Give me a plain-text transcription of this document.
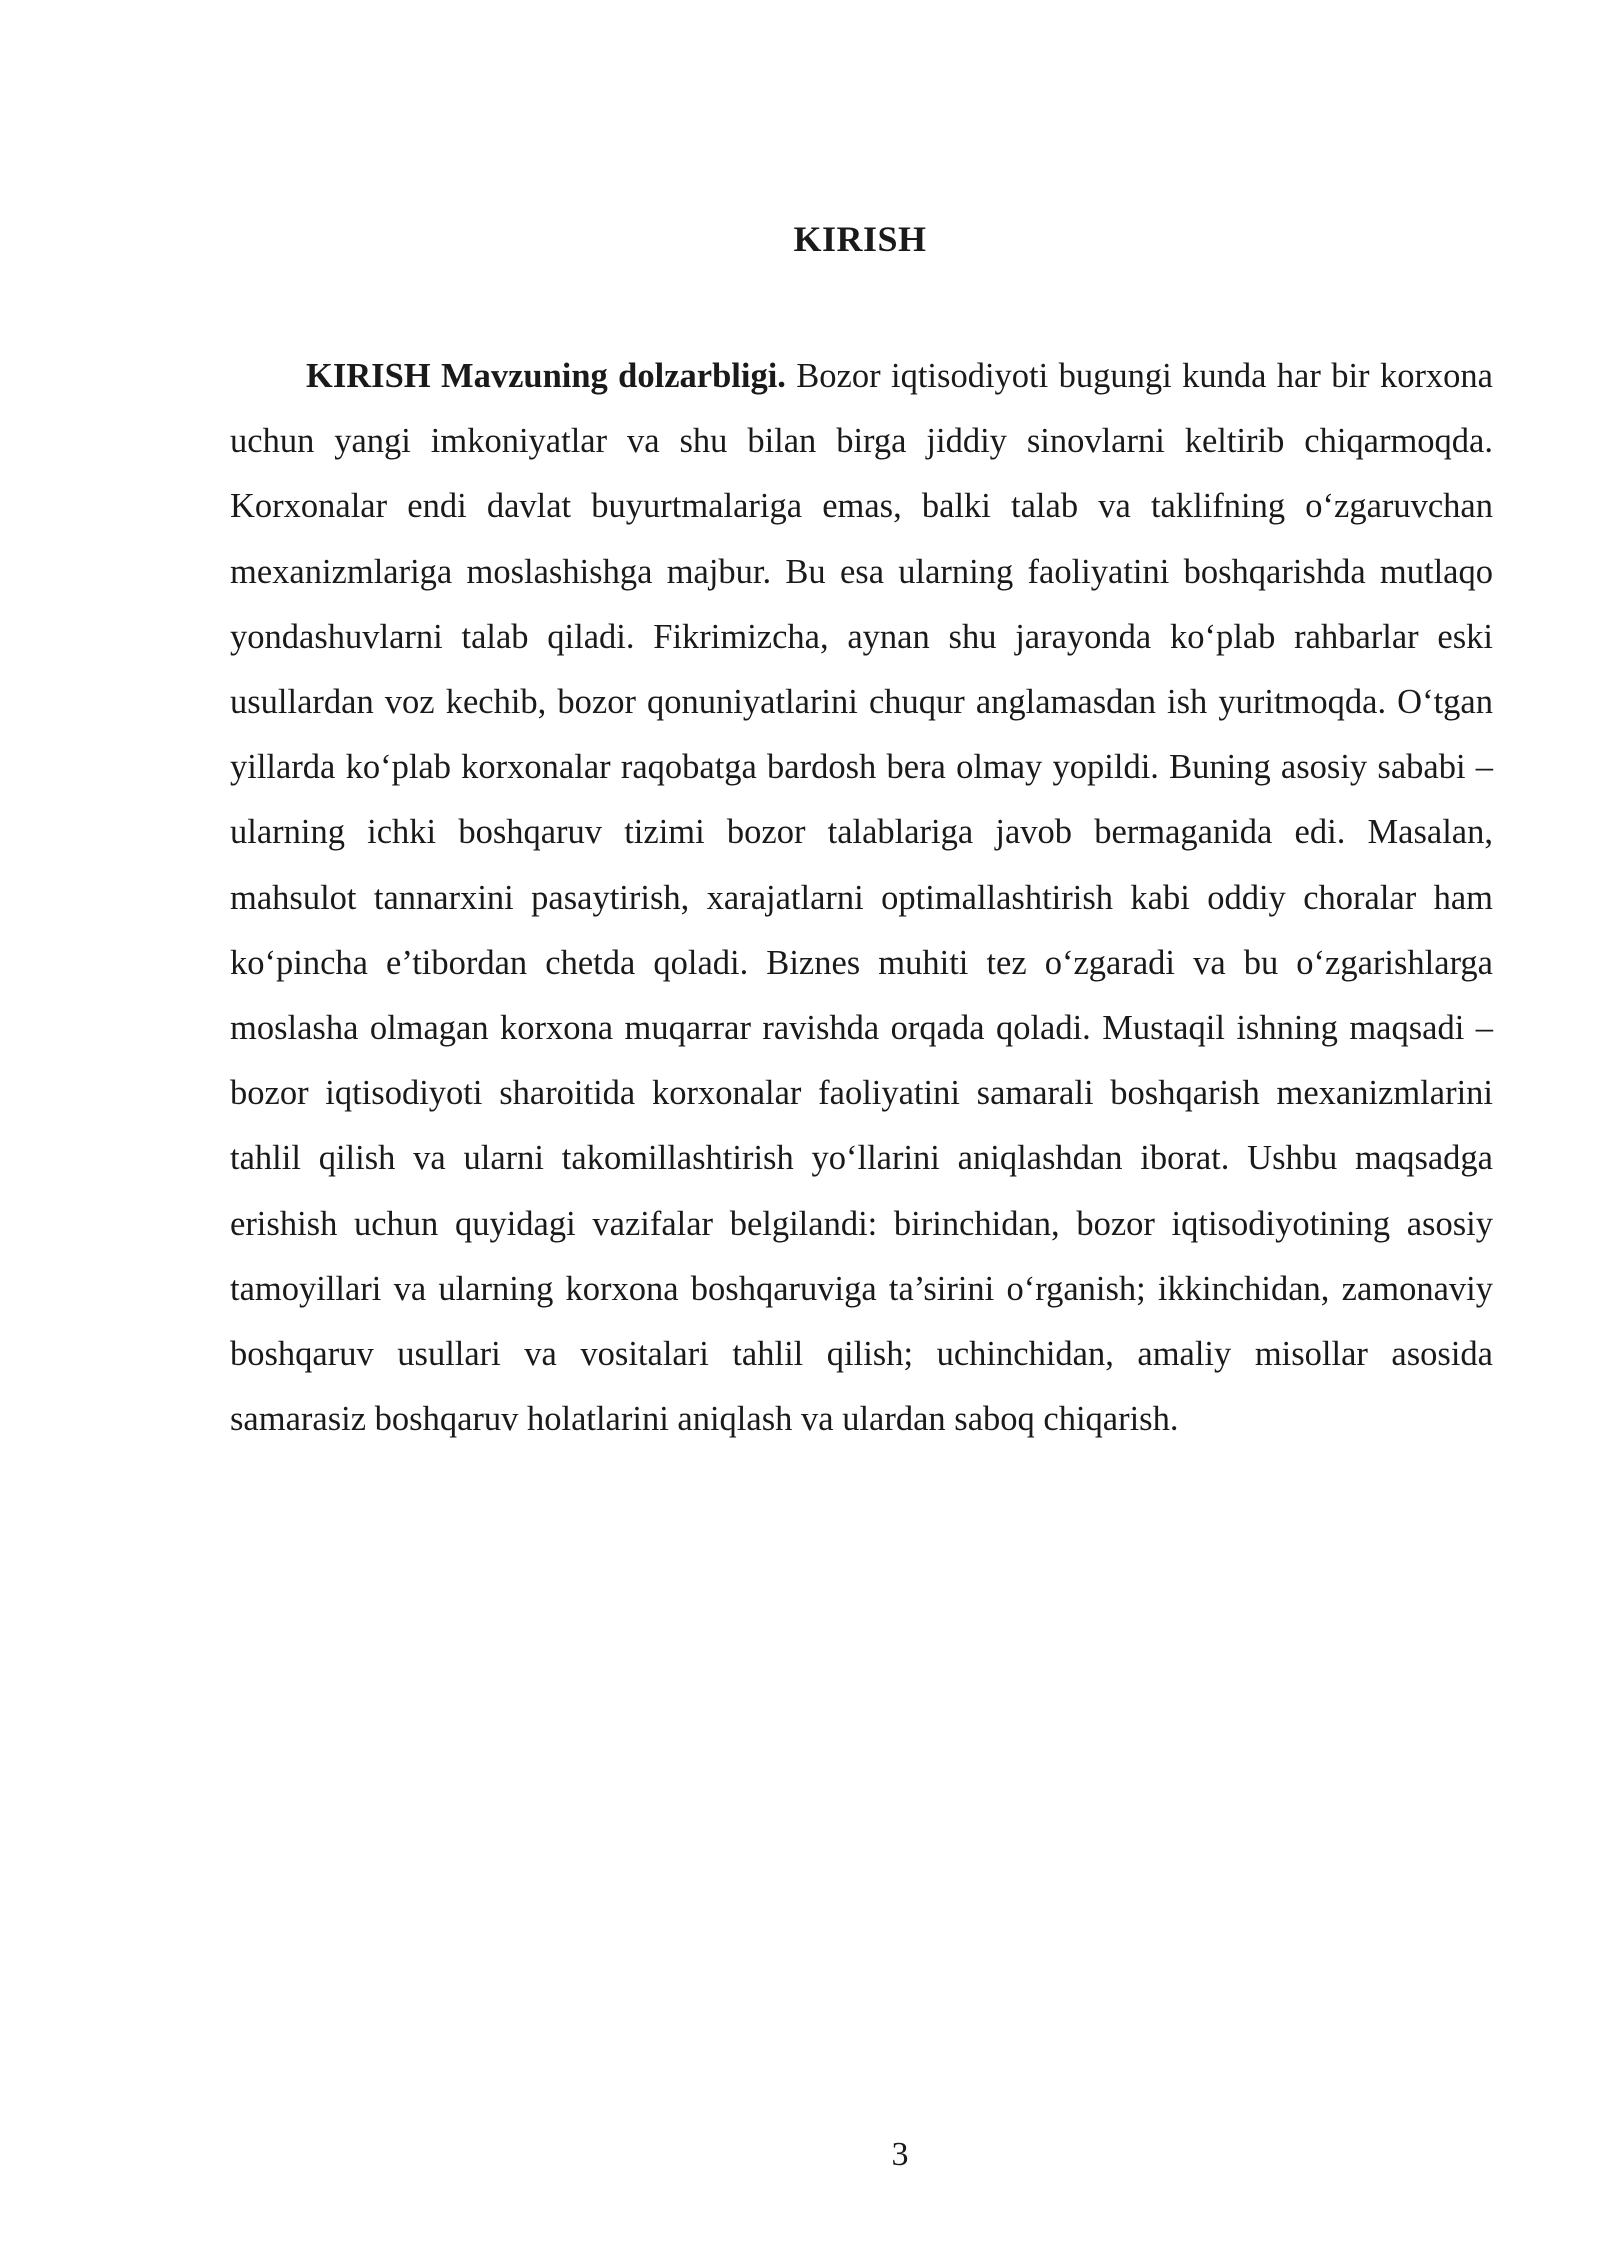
KIRISH

KIRISH Mavzuning dolzarbligi. Bozor iqtisodiyoti bugungi kunda har bir korxona uchun yangi imkoniyatlar va shu bilan birga jiddiy sinovlarni keltirib chiqarmoqda. Korxonalar endi davlat buyurtmalariga emas, balki talab va taklifning o‘zgaruvchan mexanizmlariga moslashishga majbur. Bu esa ularning faoliyatini boshqarishda mutlaqo yondashuvlarni talab qiladi. Fikrimizcha, aynan shu jarayonda ko‘plab rahbarlar eski usullardan voz kechib, bozor qonuniyatlarini chuqur anglamasdan ish yuritmoqda. O‘tgan yillarda ko‘plab korxonalar raqobatga bardosh bera olmay yopildi. Buning asosiy sababi – ularning ichki boshqaruv tizimi bozor talablariga javob bermaganida edi. Masalan, mahsulot tannarxini pasaytirish, xarajatlarni optimallashtirish kabi oddiy choralar ham ko‘pincha e’tibordan chetda qoladi. Biznes muhiti tez o‘zgaradi va bu o‘zgarishlarga moslasha olmagan korxona muqarrar ravishda orqada qoladi. Mustaqil ishning maqsadi – bozor iqtisodiyoti sharoitida korxonalar faoliyatini samarali boshqarish mexanizmlarini tahlil qilish va ularni takomillashtirish yo‘llarini aniqlashdan iborat. Ushbu maqsadga erishish uchun quyidagi vazifalar belgilandi: birinchidan, bozor iqtisodiyotining asosiy tamoyillari va ularning korxona boshqaruviga ta’sirini o‘rganish; ikkinchidan, zamonaviy boshqaruv usullari va vositalari tahlil qilish; uchinchidan, amaliy misollar asosida samarasiz boshqaruv holatlarini aniqlash va ulardan saboq chiqarish.

3
